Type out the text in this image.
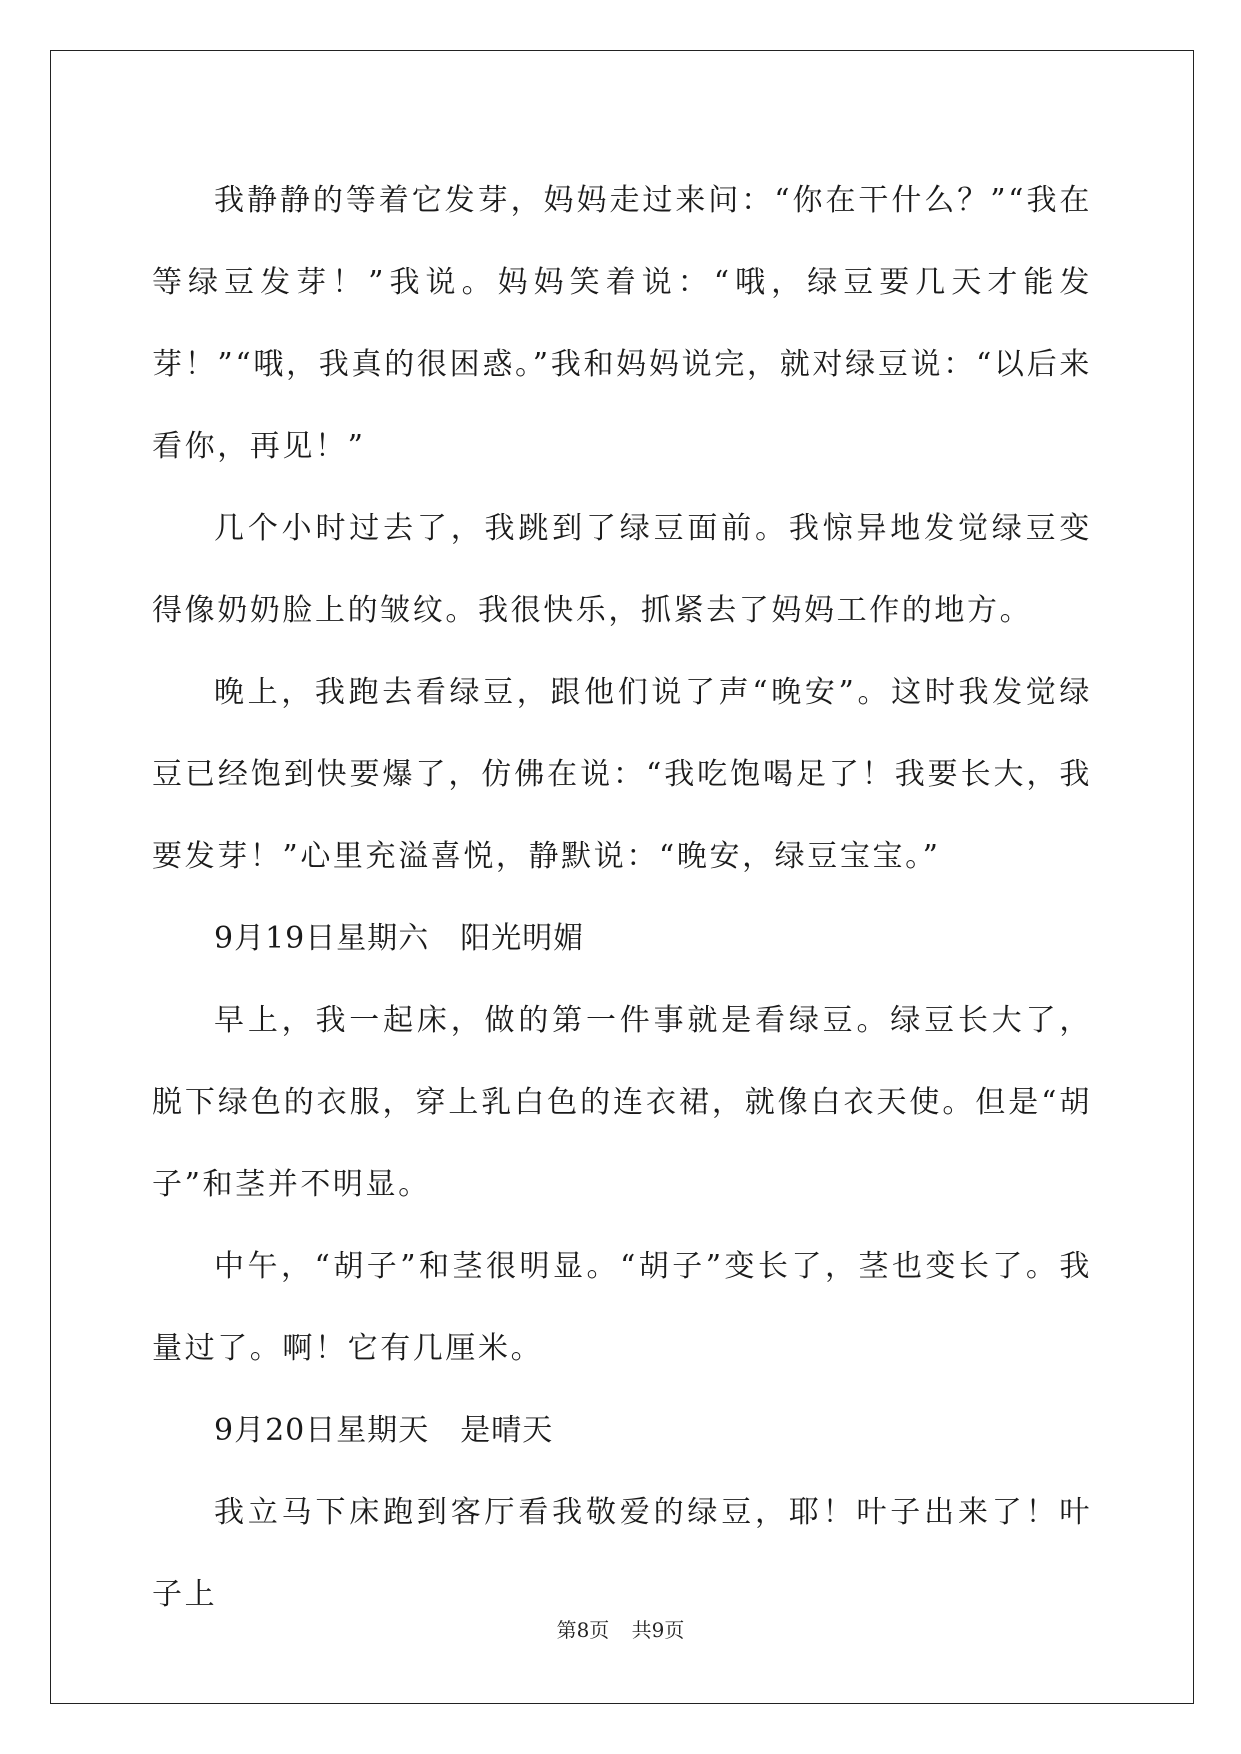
我静静的等着它发芽，妈妈走过来问：“你在干什么？”“我在等绿豆发芽！”我说。妈妈笑着说：“哦，绿豆要几天才能发芽！”“哦，我真的很困惑。”我和妈妈说完，就对绿豆说：“以后来看你，再见！”

几个小时过去了，我跳到了绿豆面前。我惊异地发觉绿豆变得像奶奶脸上的皱纹。我很快乐，抓紧去了妈妈工作的地方。

晚上，我跑去看绿豆，跟他们说了声“晚安”。这时我发觉绿豆已经饱到快要爆了，仿佛在说：“我吃饱喝足了！我要长大，我要发芽！”心里充溢喜悦，静默说：“晚安，绿豆宝宝。”

9月19日星期六　阳光明媚

早上，我一起床，做的第一件事就是看绿豆。绿豆长大了，脱下绿色的衣服，穿上乳白色的连衣裙，就像白衣天使。但是“胡子”和茎并不明显。

中午，“胡子”和茎很明显。“胡子”变长了，茎也变长了。我量过了。啊！它有几厘米。

9月20日星期天　是晴天

我立马下床跑到客厅看我敬爱的绿豆，耶！叶子出来了！叶子上

第8页 共9页
